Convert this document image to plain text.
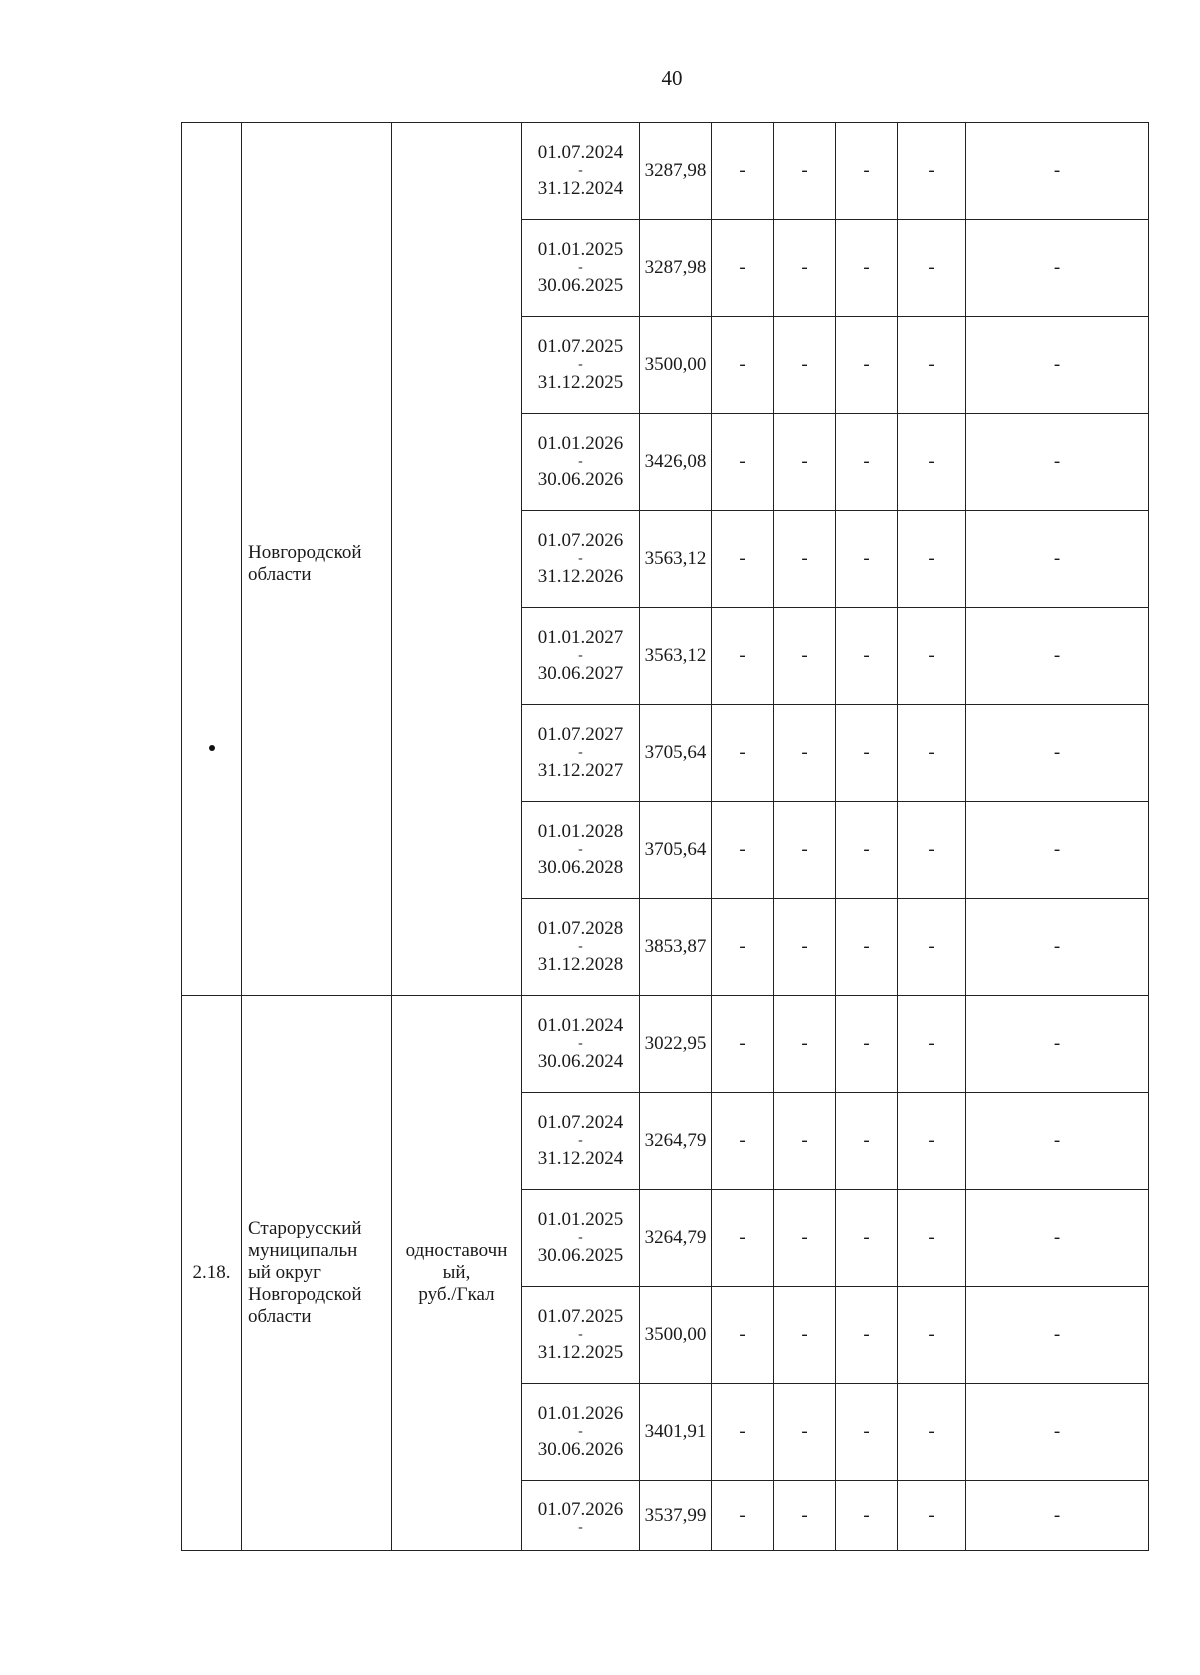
40

	Новгородской
области		01.07.2024
-
31.12.2024	3287,98	-	-	-	-	-

			01.01.2025
-
30.06.2025	3287,98	-	-	-	-	-

			01.07.2025
-
31.12.2025	3500,00	-	-	-	-	-

			01.01.2026
-
30.06.2026	3426,08	-	-	-	-	-

			01.07.2026
-
31.12.2026	3563,12	-	-	-	-	-

			01.01.2027
-
30.06.2027	3563,12	-	-	-	-	-

			01.07.2027
-
31.12.2027	3705,64	-	-	-	-	-

			01.01.2028
-
30.06.2028	3705,64	-	-	-	-	-

			01.07.2028
-
31.12.2028	3853,87	-	-	-	-	-
2.18.	Старорусский
муниципальн
ый округ
Новгородской
области	одноставочн
ый,
руб./Гкал	01.01.2024
-
30.06.2024	3022,95	-	-	-	-	-

			01.07.2024
-
31.12.2024	3264,79	-	-	-	-	-

			01.01.2025
-
30.06.2025	3264,79	-	-	-	-	-

			01.07.2025
-
31.12.2025	3500,00	-	-	-	-	-

			01.01.2026
-
30.06.2026	3401,91	-	-	-	-	-

			01.07.2026
-	3537,99	-	-	-	-	-
